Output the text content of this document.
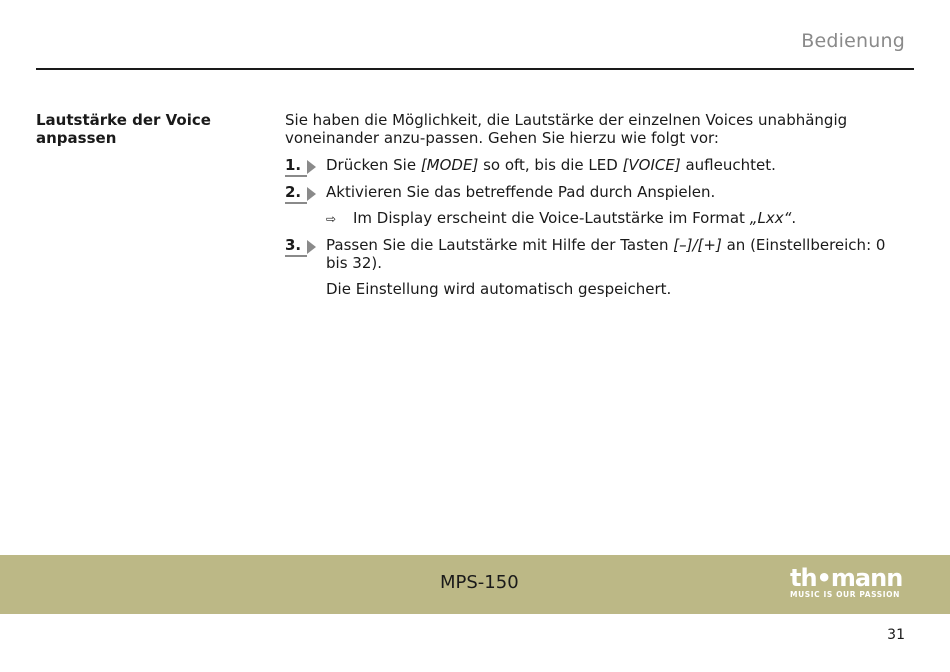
Bedienung
Lautstärke der Voice anpassen

Sie haben die Möglichkeit, die Lautstärke der einzelnen Voices unabhängig voneinander anzu-passen. Gehen Sie hierzu wie folgt vor:

1.	Drücken Sie [MODE] so oft, bis die LED [VOICE] aufleuchtet.
2.	Aktivieren Sie das betreffende Pad durch Anspielen.
⇨ Im Display erscheint die Voice-Lautstärke im Format „Lxx“.
3.	Passen Sie die Lautstärke mit Hilfe der Tasten [–]/[+] an (Einstellbereich: 0 bis 32).
Die Einstellung wird automatisch gespeichert.
MPS-150	th•mann
MUSIC IS OUR PASSION
31
